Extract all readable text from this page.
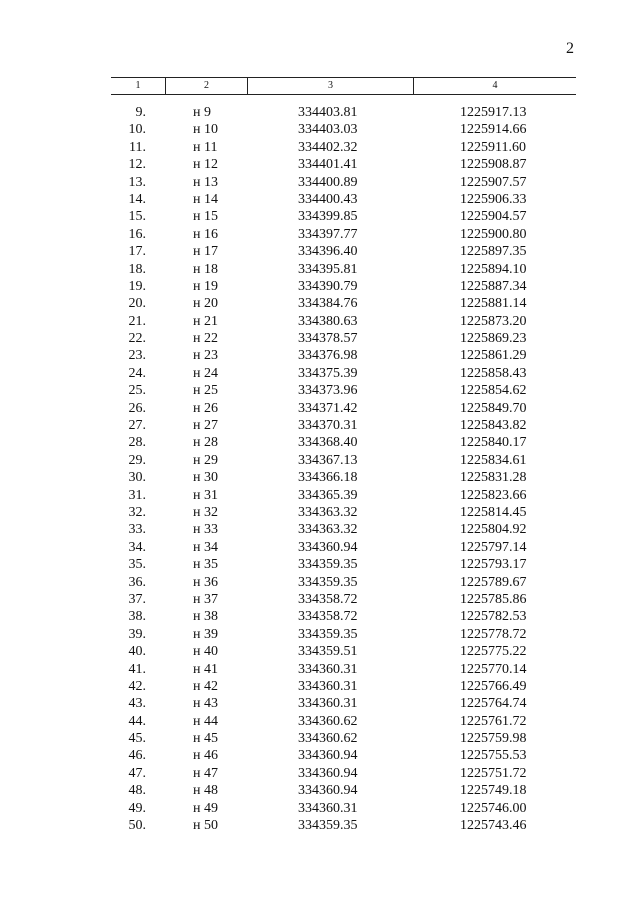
2
1	2	3	4
9.	н 9	334403.81	1225917.13
10.	н 10	334403.03	1225914.66
11.	н 11	334402.32	1225911.60
12.	н 12	334401.41	1225908.87
13.	н 13	334400.89	1225907.57
14.	н 14	334400.43	1225906.33
15.	н 15	334399.85	1225904.57
16.	н 16	334397.77	1225900.80
17.	н 17	334396.40	1225897.35
18.	н 18	334395.81	1225894.10
19.	н 19	334390.79	1225887.34
20.	н 20	334384.76	1225881.14
21.	н 21	334380.63	1225873.20
22.	н 22	334378.57	1225869.23
23.	н 23	334376.98	1225861.29
24.	н 24	334375.39	1225858.43
25.	н 25	334373.96	1225854.62
26.	н 26	334371.42	1225849.70
27.	н 27	334370.31	1225843.82
28.	н 28	334368.40	1225840.17
29.	н 29	334367.13	1225834.61
30.	н 30	334366.18	1225831.28
31.	н 31	334365.39	1225823.66
32.	н 32	334363.32	1225814.45
33.	н 33	334363.32	1225804.92
34.	н 34	334360.94	1225797.14
35.	н 35	334359.35	1225793.17
36.	н 36	334359.35	1225789.67
37.	н 37	334358.72	1225785.86
38.	н 38	334358.72	1225782.53
39.	н 39	334359.35	1225778.72
40.	н 40	334359.51	1225775.22
41.	н 41	334360.31	1225770.14
42.	н 42	334360.31	1225766.49
43.	н 43	334360.31	1225764.74
44.	н 44	334360.62	1225761.72
45.	н 45	334360.62	1225759.98
46.	н 46	334360.94	1225755.53
47.	н 47	334360.94	1225751.72
48.	н 48	334360.94	1225749.18
49.	н 49	334360.31	1225746.00
50.	н 50	334359.35	1225743.46
